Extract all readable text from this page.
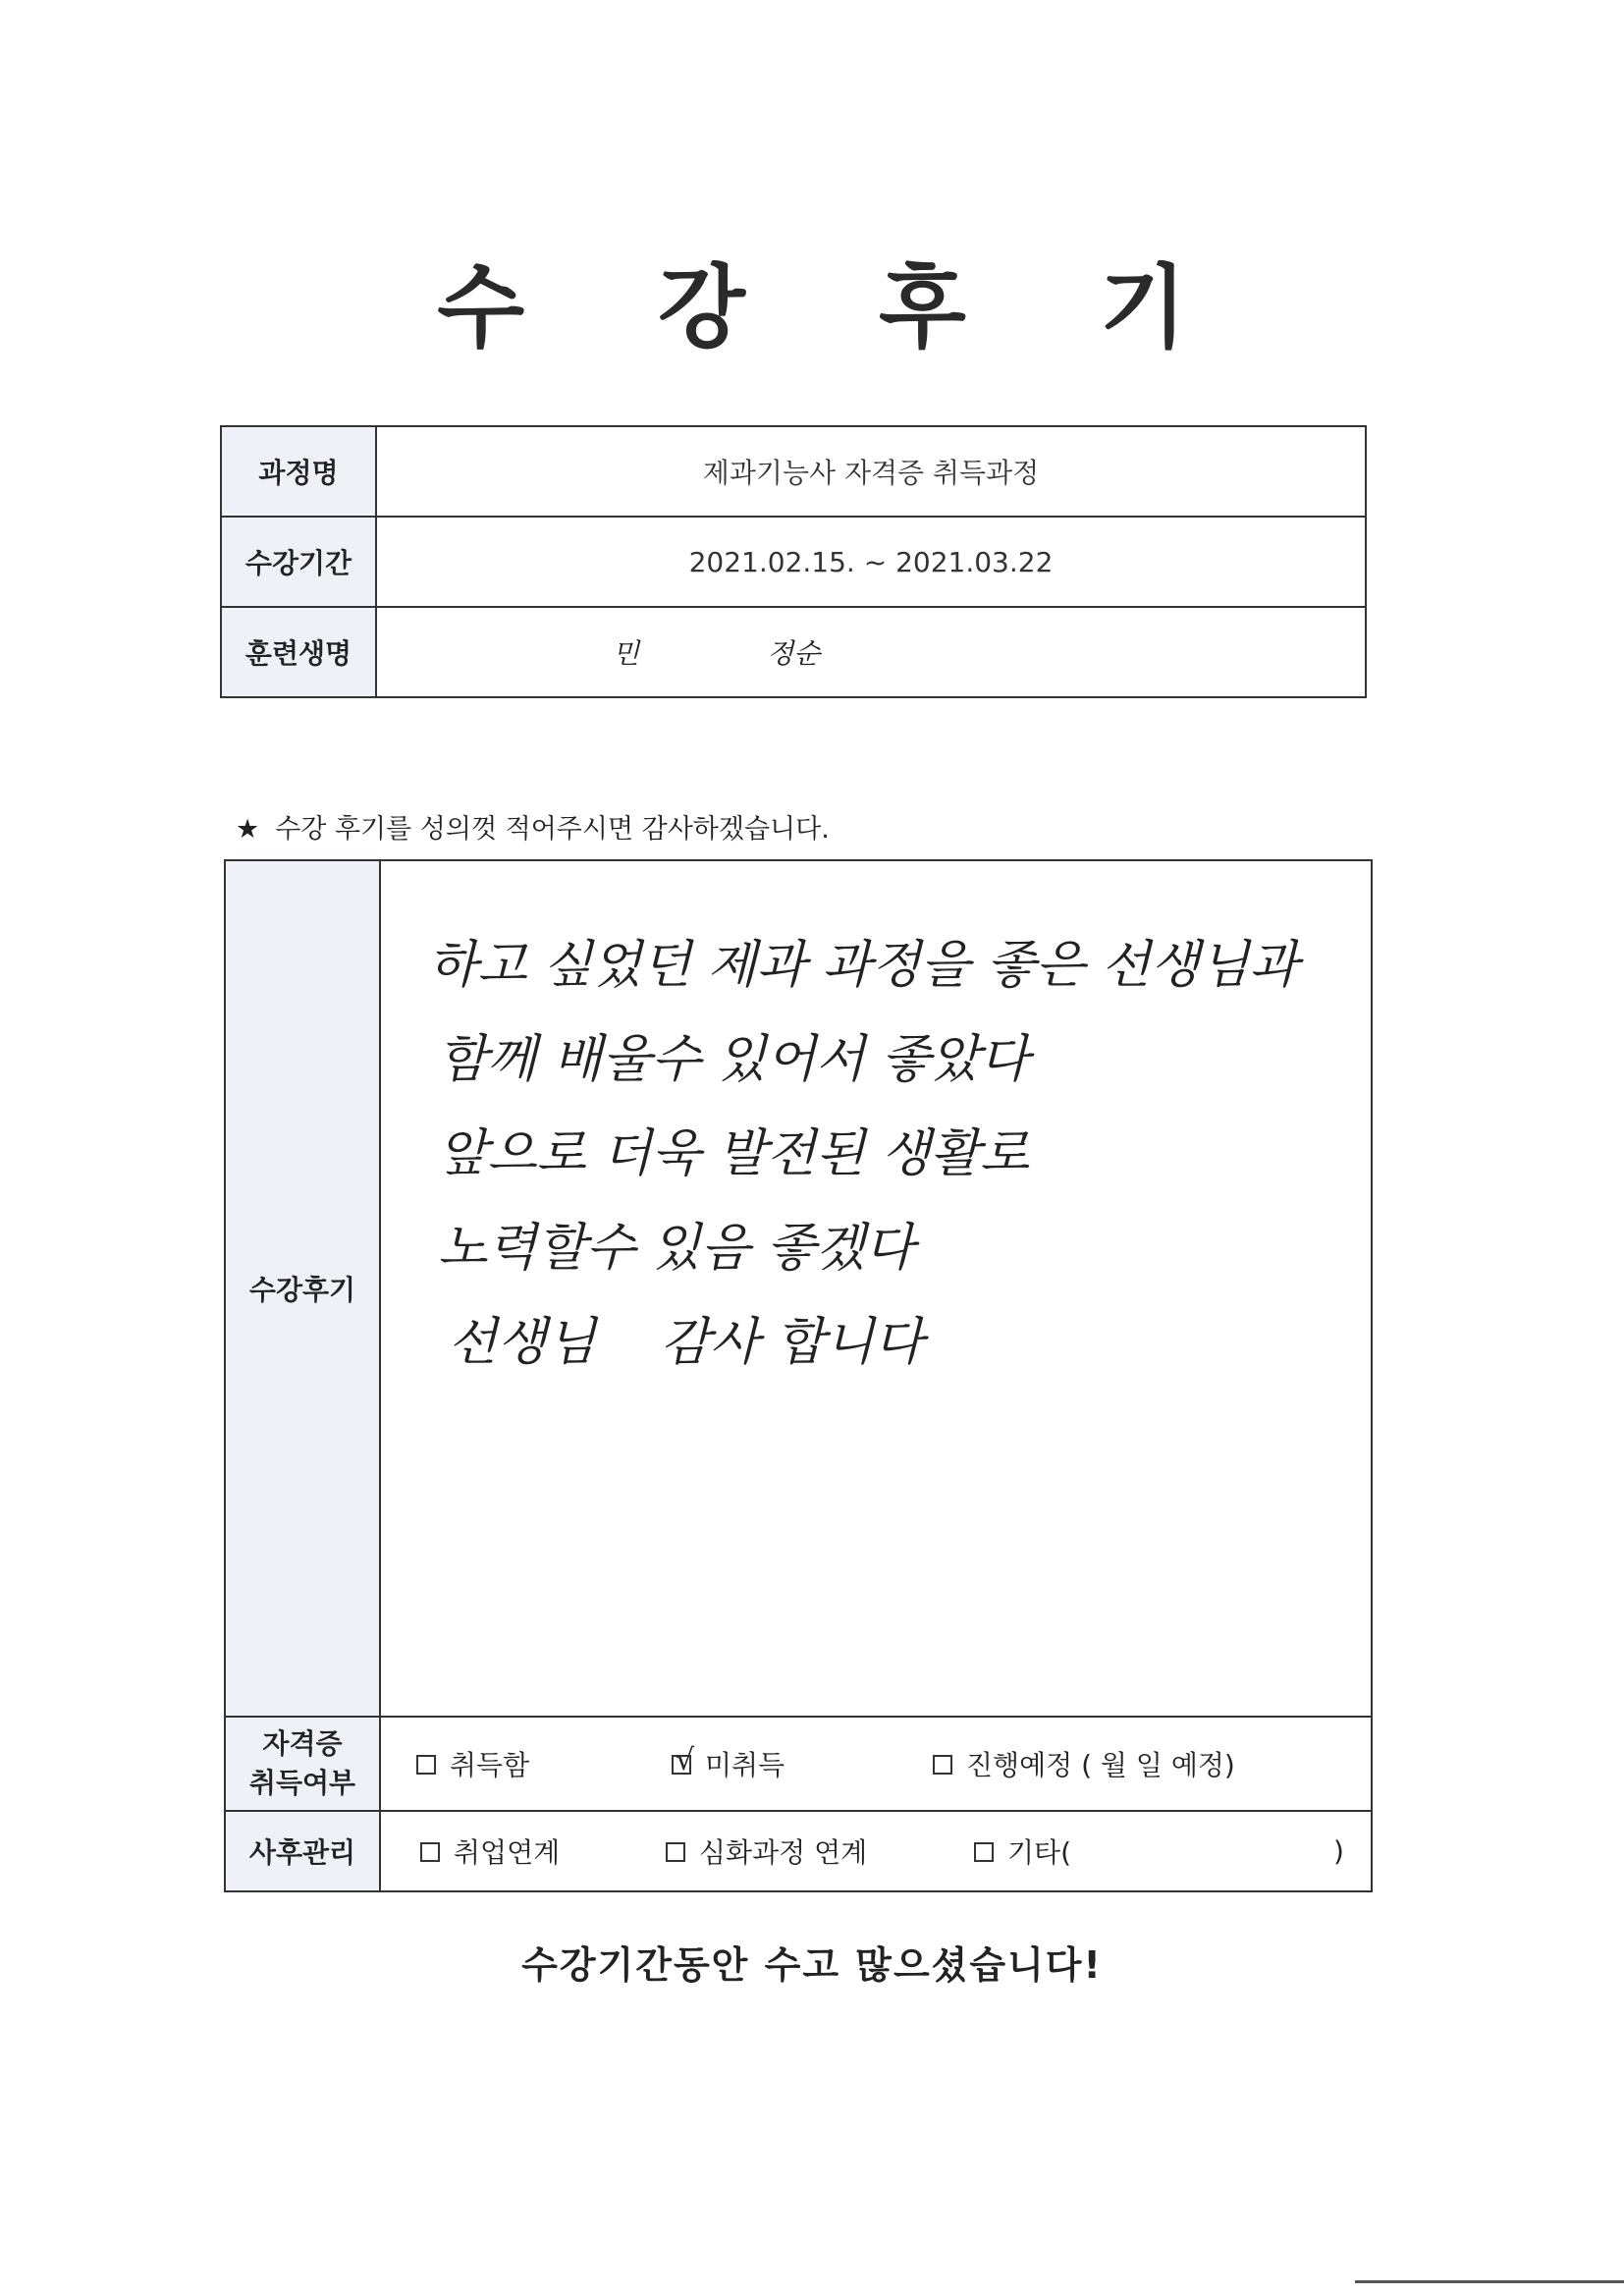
수 강 후 기
과정명	제과기능사 자격증 취득과정
수강기간	2021.02.15. ~ 2021.03.22
훈련생명	민 정순
★ 수강 후기를 성의껏 적어주시면 감사하겠습니다.
수강후기	하고 싶었던 제과 과정을 좋은 선생님과
함께 배울수 있어서 좋았다
앞으로 더욱 발전된 생활로
노력할수 있음 좋겠다
선생님    감사 합니다

자격증
취득여부	취득함 √ 미취득 진행예정 ( 월 일 예정)

사후관리	취업연계 심화과정 연계 기타( )
수강기간동안 수고 많으셨습니다!
